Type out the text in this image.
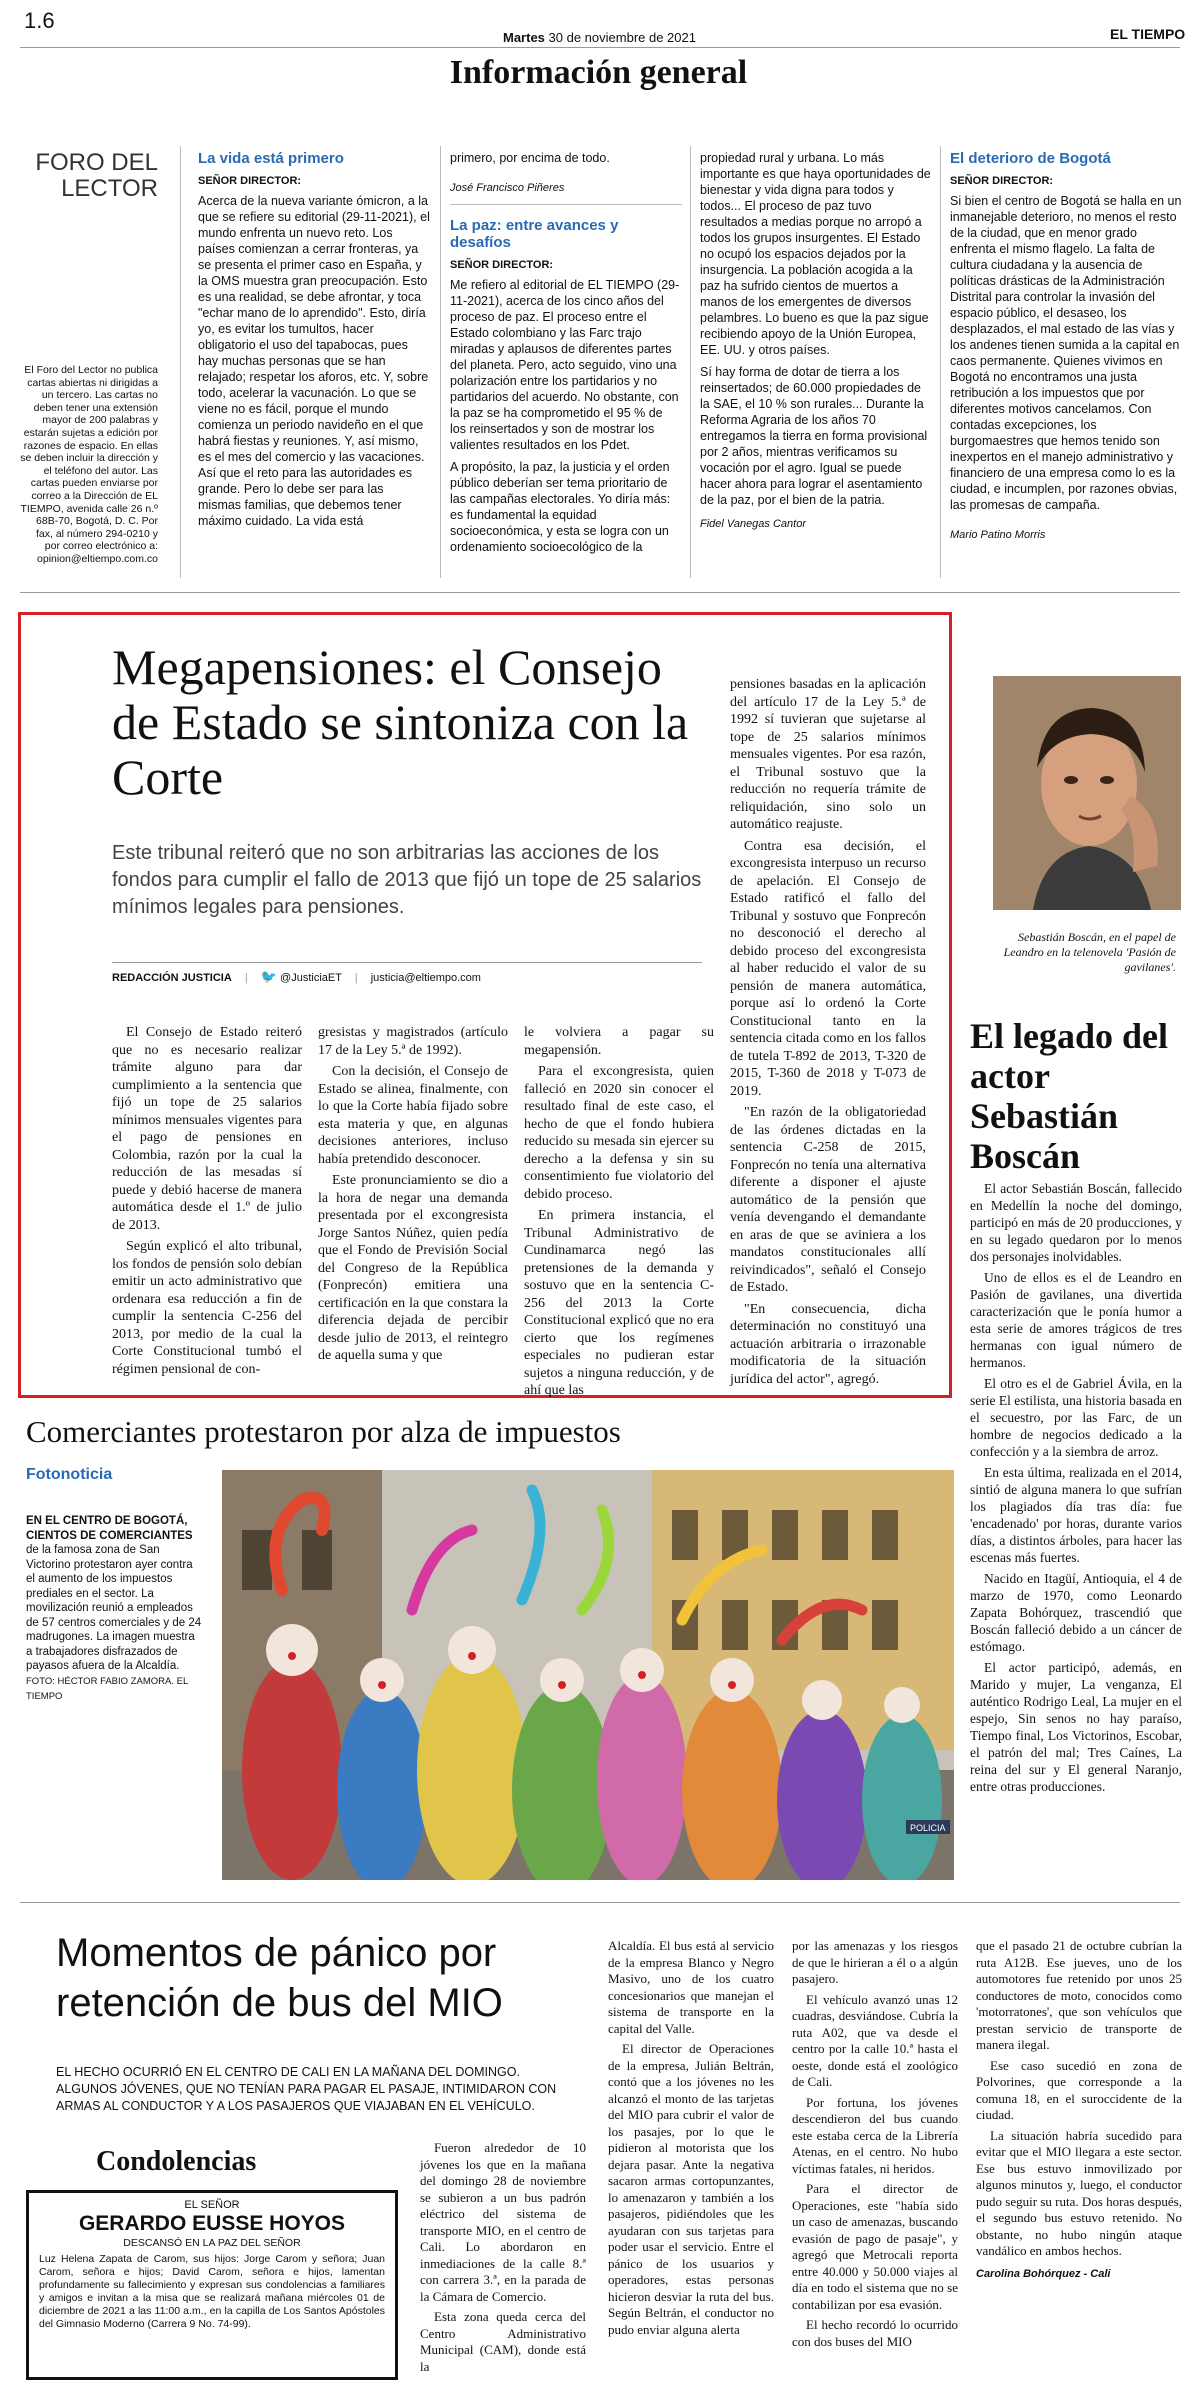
1.6
Martes 30 de noviembre de 2021	EL TIEMPO
Información general
FORO DEL
LECTOR
El Foro del Lector no publica cartas abiertas ni dirigidas a un tercero. Las cartas no deben tener una extensión mayor de 200 palabras y estarán sujetas a edición por razones de espacio. En ellas se deben incluir la dirección y el teléfono del autor. Las cartas pueden enviarse por correo a la Dirección de EL TIEMPO, avenida calle 26 n.º 68B-70, Bogotá, D. C. Por fax, al número 294-0210 y por correo electrónico a: opinion@eltiempo.com.co
La vida está primero
SEÑOR DIRECTOR:
Acerca de la nueva variante ómicron, a la que se refiere su editorial (29-11-2021), el mundo enfrenta un nuevo reto. Los países comienzan a cerrar fronteras, ya se presenta el primer caso en España, y la OMS muestra gran preocupación. Esto es una realidad, se debe afrontar, y toca "echar mano de lo aprendido". Esto, diría yo, es evitar los tumultos, hacer obligatorio el uso del tapabocas, pues hay muchas personas que se han relajado; respetar los aforos, etc. Y, sobre todo, acelerar la vacunación. Lo que se viene no es fácil, porque el mundo comienza un periodo navideño en el que habrá fiestas y reuniones. Y, así mismo, es el mes del comercio y las vacaciones. Así que el reto para las autoridades es grande. Pero lo debe ser para las mismas familias, que debemos tener máximo cuidado. La vida está
primero, por encima de todo.
José Francisco Piñeres
La paz: entre avances y desafíos
SEÑOR DIRECTOR:
Me refiero al editorial de EL TIEMPO (29-11-2021), acerca de los cinco años del proceso de paz. El proceso entre el Estado colombiano y las Farc trajo miradas y aplausos de diferentes partes del planeta. Pero, acto seguido, vino una polarización entre los partidarios y no partidarios del acuerdo. No obstante, con la paz se ha comprometido el 95 % de los reinsertados y son de mostrar los valientes resultados en los Pdet.
A propósito, la paz, la justicia y el orden público deberían ser tema prioritario de las campañas electorales. Yo diría más: es fundamental la equidad socioeconómica, y esta se logra con un ordenamiento socioecológico de la
propiedad rural y urbana. Lo más importante es que haya oportunidades de bienestar y vida digna para todos y todos... El proceso de paz tuvo resultados a medias porque no arropó a todos los grupos insurgentes. El Estado no ocupó los espacios dejados por la insurgencia. La población acogida a la paz ha sufrido cientos de muertos a manos de los emergentes de diversos pelambres. Lo bueno es que la paz sigue recibiendo apoyo de la Unión Europea, EE. UU. y otros países.
Sí hay forma de dotar de tierra a los reinsertados; de 60.000 propiedades de la SAE, el 10 % son rurales... Durante la Reforma Agraria de los años 70 entregamos la tierra en forma provisional por 2 años, mientras verificamos su vocación por el agro. Igual se puede hacer ahora para lograr el asentamiento de la paz, por el bien de la patria.
Fidel Vanegas Cantor
El deterioro de Bogotá
SEÑOR DIRECTOR:
Si bien el centro de Bogotá se halla en un inmanejable deterioro, no menos el resto de la ciudad, que en menor grado enfrenta el mismo flagelo. La falta de cultura ciudadana y la ausencia de políticas drásticas de la Administración Distrital para controlar la invasión del espacio público, el desaseo, los desplazados, el mal estado de las vías y los andenes tienen sumida a la capital en caos permanente. Quienes vivimos en Bogotá no encontramos una justa retribución a los impuestos que por diferentes motivos cancelamos. Con contadas excepciones, los burgomaestres que hemos tenido son inexpertos en el manejo administrativo y financiero de una empresa como lo es la ciudad, e incumplen, por razones obvias, las promesas de campaña.
Mario Patino Morris
Megapensiones: el Consejo de Estado se sintoniza con la Corte
Este tribunal reiteró que no son arbitrarias las acciones de los fondos para cumplir el fallo de 2013 que fijó un tope de 25 salarios mínimos legales para pensiones.
REDACCIÓN JUSTICIA | 🐦 @JusticiaET | justicia@eltiempo.com

El Consejo de Estado reiteró que no es necesario realizar trámite alguno para dar cumplimiento a la sentencia que fijó un tope de 25 salarios mínimos mensuales vigentes para el pago de pensiones en Colombia, razón por la cual la reducción de las mesadas sí puede y debió hacerse de manera automática desde el 1.º de julio de 2013.

Según explicó el alto tribunal, los fondos de pensión solo debían emitir un acto administrativo que ordenara esa reducción a fin de cumplir la sentencia C-256 del 2013, por medio de la cual la Corte Constitucional tumbó el régimen pensional de con-

gresistas y magistrados (artículo 17 de la Ley 5.ª de 1992).

Con la decisión, el Consejo de Estado se alinea, finalmente, con lo que la Corte había fijado sobre esta materia y que, en algunas decisiones anteriores, incluso había pretendido desconocer.

Este pronunciamiento se dio a la hora de negar una demanda presentada por el excongresista Jorge Santos Núñez, quien pedía que el Fondo de Previsión Social del Congreso de la República (Fonprecón) emitiera una certificación en la que constara la diferencia dejada de percibir desde julio de 2013, el reintegro de aquella suma y que

le volviera a pagar su megapensión.

Para el excongresista, quien falleció en 2020 sin conocer el resultado final de este caso, el hecho de que el fondo hubiera reducido su mesada sin ejercer su derecho a la defensa y sin su consentimiento fue violatorio del debido proceso.

En primera instancia, el Tribunal Administrativo de Cundinamarca negó las pretensiones de la demanda y sostuvo que en la sentencia C-256 del 2013 la Corte Constitucional explicó que no era cierto que los regímenes especiales no pudieran estar sujetos a ninguna reducción, y de ahí que las

pensiones basadas en la aplicación del artículo 17 de la Ley 5.ª de 1992 sí tuvieran que sujetarse al tope de 25 salarios mínimos mensuales vigentes. Por esa razón, el Tribunal sostuvo que la reducción no requería trámite de reliquidación, sino solo un automático reajuste.

Contra esa decisión, el excongresista interpuso un recurso de apelación. El Consejo de Estado ratificó el fallo del Tribunal y sostuvo que Fonprecón no desconoció el derecho al debido proceso del excongresista al haber reducido el valor de su pensión de manera automática, porque así lo ordenó la Corte Constitucional tanto en la sentencia citada como en los fallos de tutela T-892 de 2013, T-320 de 2015, T-360 de 2018 y T-073 de 2019.

"En razón de la obligatoriedad de las órdenes dictadas en la sentencia C-258 de 2015, Fonprecón no tenía una alternativa diferente a disponer el ajuste automático de la pensión que venía devengando el demandante en aras de que se aviniera a los mandatos constitucionales allí reivindicados", señaló el Consejo de Estado.

"En consecuencia, dicha determinación no constituyó una actuación arbitraria o irrazonable modificatoria de la situación jurídica del actor", agregó.

Sebastián Boscán, en el papel de Leandro en la telenovela 'Pasión de gavilanes'.
El legado del actor Sebastián Boscán

El actor Sebastián Boscán, fallecido en Medellín la noche del domingo, participó en más de 20 producciones, y en su legado quedaron por lo menos dos personajes inolvidables.

Uno de ellos es el de Leandro en Pasión de gavilanes, una divertida caracterización que le ponía humor a esta serie de amores trágicos de tres hermanas con igual número de hermanos.

El otro es el de Gabriel Ávila, en la serie El estilista, una historia basada en el secuestro, por las Farc, de un hombre de negocios dedicado a la confección y a la siembra de arroz.

En esta última, realizada en el 2014, sintió de alguna manera lo que sufrían los plagiados día tras día: fue 'encadenado' por horas, durante varios días, a distintos árboles, para hacer las escenas más fuertes.

Nacido en Itagüí, Antioquia, el 4 de marzo de 1970, como Leonardo Zapata Bohórquez, trascendió que Boscán falleció debido a un cáncer de estómago.

El actor participó, además, en Marido y mujer, La venganza, El auténtico Rodrigo Leal, La mujer en el espejo, Sin senos no hay paraíso, Tiempo final, Los Victorinos, Escobar, el patrón del mal; Tres Caínes, La reina del sur y El general Naranjo, entre otras producciones.

Comerciantes protestaron por alza de impuestos
Fotonoticia
EN EL CENTRO DE BOGOTÁ, CIENTOS DE COMERCIANTES de la famosa zona de San Victorino protestaron ayer contra el aumento de los impuestos prediales en el sector. La movilización reunió a empleados de 57 centros comerciales y de 24 madrugones. La imagen muestra a trabajadores disfrazados de payasos afuera de la Alcaldía. FOTO: HÉCTOR FABIO ZAMORA. EL TIEMPO
POLICIA
Momentos de pánico por retención de bus del MIO
EL HECHO OCURRIÓ EN EL CENTRO DE CALI EN LA MAÑANA DEL DOMINGO. ALGUNOS JÓVENES, QUE NO TENÍAN PARA PAGAR EL PASAJE, INTIMIDARON CON ARMAS AL CONDUCTOR Y A LOS PASAJEROS QUE VIAJABAN EN EL VEHÍCULO.

Fueron alrededor de 10 jóvenes los que en la mañana del domingo 28 de noviembre se subieron a un bus padrón eléctrico del sistema de transporte MIO, en el centro de Cali. Lo abordaron en inmediaciones de la calle 8.ª con carrera 3.ª, en la parada de la Cámara de Comercio.

Esta zona queda cerca del Centro Administrativo Municipal (CAM), donde está la

Alcaldía. El bus está al servicio de la empresa Blanco y Negro Masivo, uno de los cuatro concesionarios que manejan el sistema de transporte en la capital del Valle.

El director de Operaciones de la empresa, Julián Beltrán, contó que a los jóvenes no les alcanzó el monto de las tarjetas del MIO para cubrir el valor de los pasajes, por lo que le pidieron al motorista que los dejara pasar. Ante la negativa sacaron armas cortopunzantes, lo amenazaron y también a los pasajeros, pidiéndoles que les ayudaran con sus tarjetas para poder usar el servicio. Entre el pánico de los usuarios y operadores, estas personas hicieron desviar la ruta del bus. Según Beltrán, el conductor no pudo enviar alguna alerta

por las amenazas y los riesgos de que le hirieran a él o a algún pasajero.

El vehículo avanzó unas 12 cuadras, desviándose. Cubría la ruta A02, que va desde el centro por la calle 10.ª hasta el oeste, donde está el zoológico de Cali.

Por fortuna, los jóvenes descendieron del bus cuando este estaba cerca de la Librería Atenas, en el centro. No hubo víctimas fatales, ni heridos.

Para el director de Operaciones, este "había sido un caso de amenazas, buscando evasión de pago de pasaje", y agregó que Metrocali reporta entre 40.000 y 50.000 viajes al día en todo el sistema que no se contabilizan por esa evasión.

El hecho recordó lo ocurrido con dos buses del MIO

que el pasado 21 de octubre cubrían la ruta A12B. Ese jueves, uno de los automotores fue retenido por unos 25 conductores de moto, conocidos como 'motorratones', que son vehículos que prestan servicio de transporte de manera ilegal.

Ese caso sucedió en zona de Polvorines, que corresponde a la comuna 18, en el suroccidente de la ciudad.

La situación habría sucedido para evitar que el MIO llegara a este sector. Ese bus estuvo inmovilizado por algunos minutos y, luego, el conductor pudo seguir su ruta. Dos horas después, el segundo bus estuvo retenido. No obstante, no hubo ningún ataque vandálico en ambos hechos.

Carolina Bohórquez - Cali
Condolencias
EL SEÑOR
GERARDO EUSSE HOYOS
DESCANSÓ EN LA PAZ DEL SEÑOR
Luz Helena Zapata de Carom, sus hijos: Jorge Carom y señora; Juan Carom, señora e hijos; David Carom, señora e hijos, lamentan profundamente su fallecimiento y expresan sus condolencias a familiares y amigos e invitan a la misa que se realizará mañana miércoles 01 de diciembre de 2021 a las 11:00 a.m., en la capilla de Los Santos Apóstoles del Gimnasio Moderno (Carrera 9 No. 74-99).
